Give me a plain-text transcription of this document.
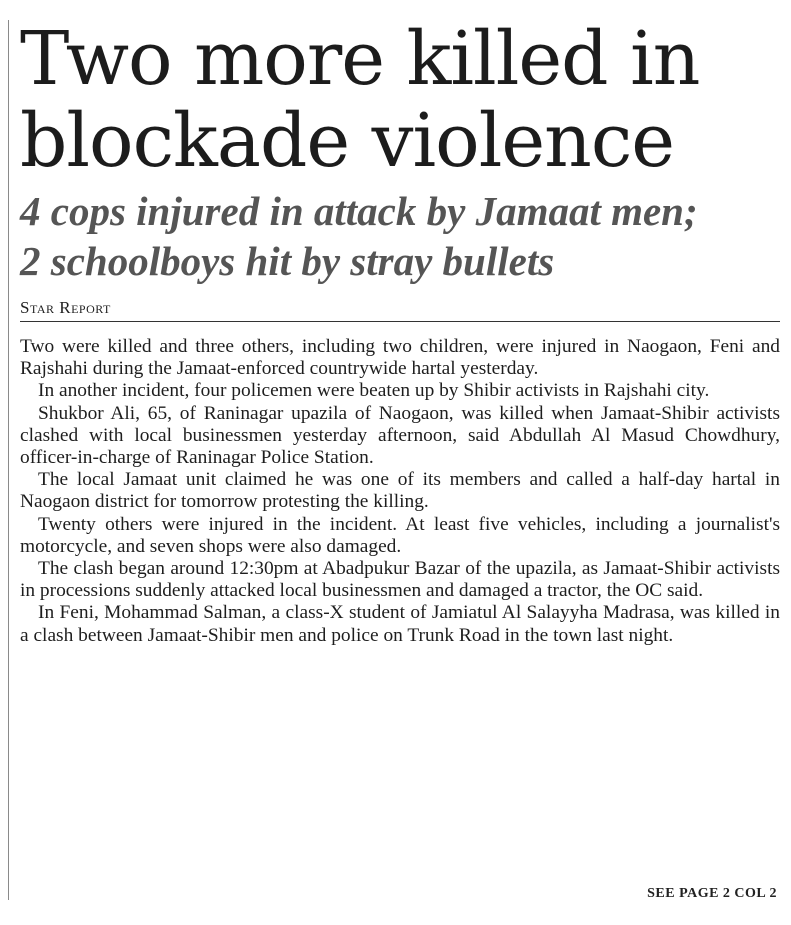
Two more killed in
blockade violence
4 cops injured in attack by Jamaat men;
2 schoolboys hit by stray bullets
Star Report

Two were killed and three others, including two children, were injured in Naogaon, Feni and Rajshahi during the Jamaat-enforced countrywide hartal yesterday.

In another incident, four policemen were beaten up by Shibir activists in Rajshahi city.

Shukbor Ali, 65, of Raninagar upazila of Naogaon, was killed when Jamaat-Shibir activists clashed with local businessmen yesterday afternoon, said Abdullah Al Masud Chowdhury, officer-in-charge of Raninagar Police Station.

The local Jamaat unit claimed he was one of its members and called a half-day hartal in Naogaon district for tomorrow protesting the killing.

Twenty others were injured in the incident. At least five vehicles, including a journalist's motorcycle, and seven shops were also damaged.

The clash began around 12:30pm at Abadpukur Bazar of the upazila, as Jamaat-Shibir activists in processions suddenly attacked local businessmen and damaged a tractor, the OC said.

In Feni, Mohammad Salman, a class-X student of Jamiatul Al Salayyha Madrasa, was killed in a clash between Jamaat-Shibir men and police on Trunk Road in the town last night.

SEE PAGE 2 COL 2
